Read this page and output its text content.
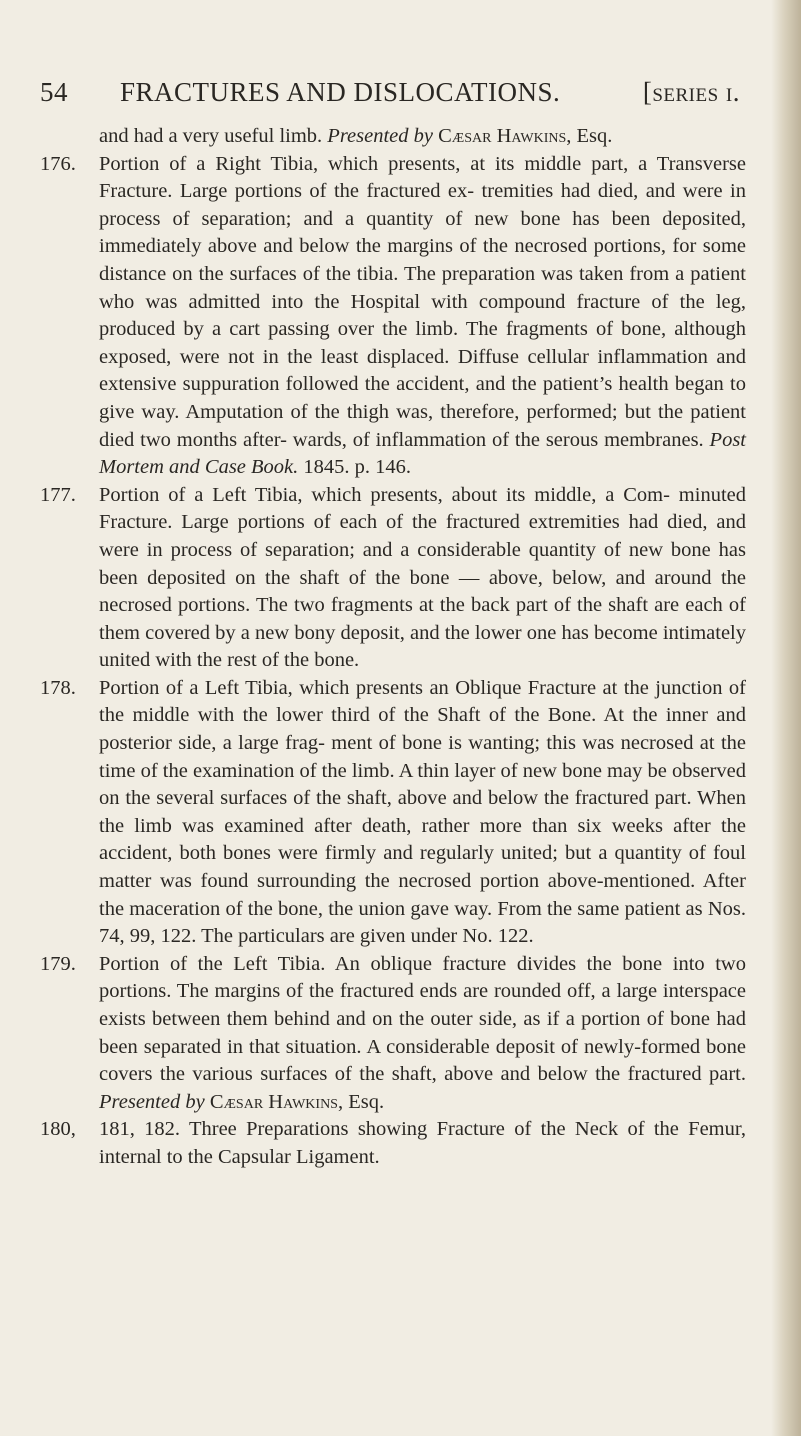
54 FRACTURES AND DISLOCATIONS.	[series i.
and had a very useful limb. Presented by Cæsar Hawkins, Esq.
176. Portion of a Right Tibia, which presents, at its middle part, a Transverse Fracture. Large portions of the fractured ex- tremities had died, and were in process of separation; and a quantity of new bone has been deposited, immediately above and below the margins of the necrosed portions, for some distance on the surfaces of the tibia. The preparation was taken from a patient who was admitted into the Hospital with compound fracture of the leg, produced by a cart passing over the limb. The fragments of bone, although exposed, were not in the least displaced. Diffuse cellular inflammation and extensive suppuration followed the accident, and the patient’s health began to give way. Amputation of the thigh was, therefore, performed; but the patient died two months after- wards, of inflammation of the serous membranes. Post Mortem and Case Book. 1845. p. 146.
177. Portion of a Left Tibia, which presents, about its middle, a Com- minuted Fracture. Large portions of each of the fractured extremities had died, and were in process of separation; and a considerable quantity of new bone has been deposited on the shaft of the bone — above, below, and around the necrosed portions. The two fragments at the back part of the shaft are each of them covered by a new bony deposit, and the lower one has become intimately united with the rest of the bone.
178. Portion of a Left Tibia, which presents an Oblique Fracture at the junction of the middle with the lower third of the Shaft of the Bone. At the inner and posterior side, a large frag- ment of bone is wanting; this was necrosed at the time of the examination of the limb. A thin layer of new bone may be observed on the several surfaces of the shaft, above and below the fractured part. When the limb was examined after death, rather more than six weeks after the accident, both bones were firmly and regularly united; but a quantity of foul matter was found surrounding the necrosed portion above-mentioned. After the maceration of the bone, the union gave way. From the same patient as Nos. 74, 99, 122. The particulars are given under No. 122.
179. Portion of the Left Tibia. An oblique fracture divides the bone into two portions. The margins of the fractured ends are rounded off, a large interspace exists between them behind and on the outer side, as if a portion of bone had been separated in that situation. A considerable deposit of newly-formed bone covers the various surfaces of the shaft, above and below the fractured part. Presented by Cæsar Hawkins, Esq.
180, 181, 182. Three Preparations showing Fracture of the Neck of the Femur, internal to the Capsular Ligament.
